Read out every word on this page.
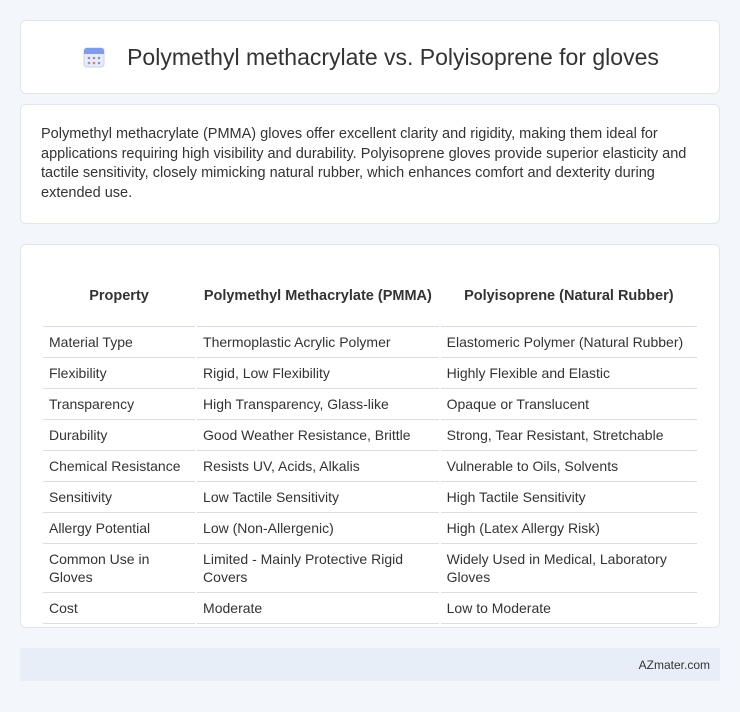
Polymethyl methacrylate vs. Polyisoprene for gloves

Polymethyl methacrylate (PMMA) gloves offer excellent clarity and rigidity, making them ideal for applications requiring high visibility and durability. Polyisoprene gloves provide superior elasticity and tactile sensitivity, closely mimicking natural rubber, which enhances comfort and dexterity during extended use.

Property	Polymethyl Methacrylate (PMMA)	Polyisoprene (Natural Rubber)
Material Type	Thermoplastic Acrylic Polymer	Elastomeric Polymer (Natural Rubber)
Flexibility	Rigid, Low Flexibility	Highly Flexible and Elastic
Transparency	High Transparency, Glass-like	Opaque or Translucent
Durability	Good Weather Resistance, Brittle	Strong, Tear Resistant, Stretchable
Chemical Resistance	Resists UV, Acids, Alkalis	Vulnerable to Oils, Solvents
Sensitivity	Low Tactile Sensitivity	High Tactile Sensitivity
Allergy Potential	Low (Non-Allergenic)	High (Latex Allergy Risk)
Common Use in Gloves	Limited - Mainly Protective Rigid Covers	Widely Used in Medical, Laboratory Gloves
Cost	Moderate	Low to Moderate
AZmater.com
